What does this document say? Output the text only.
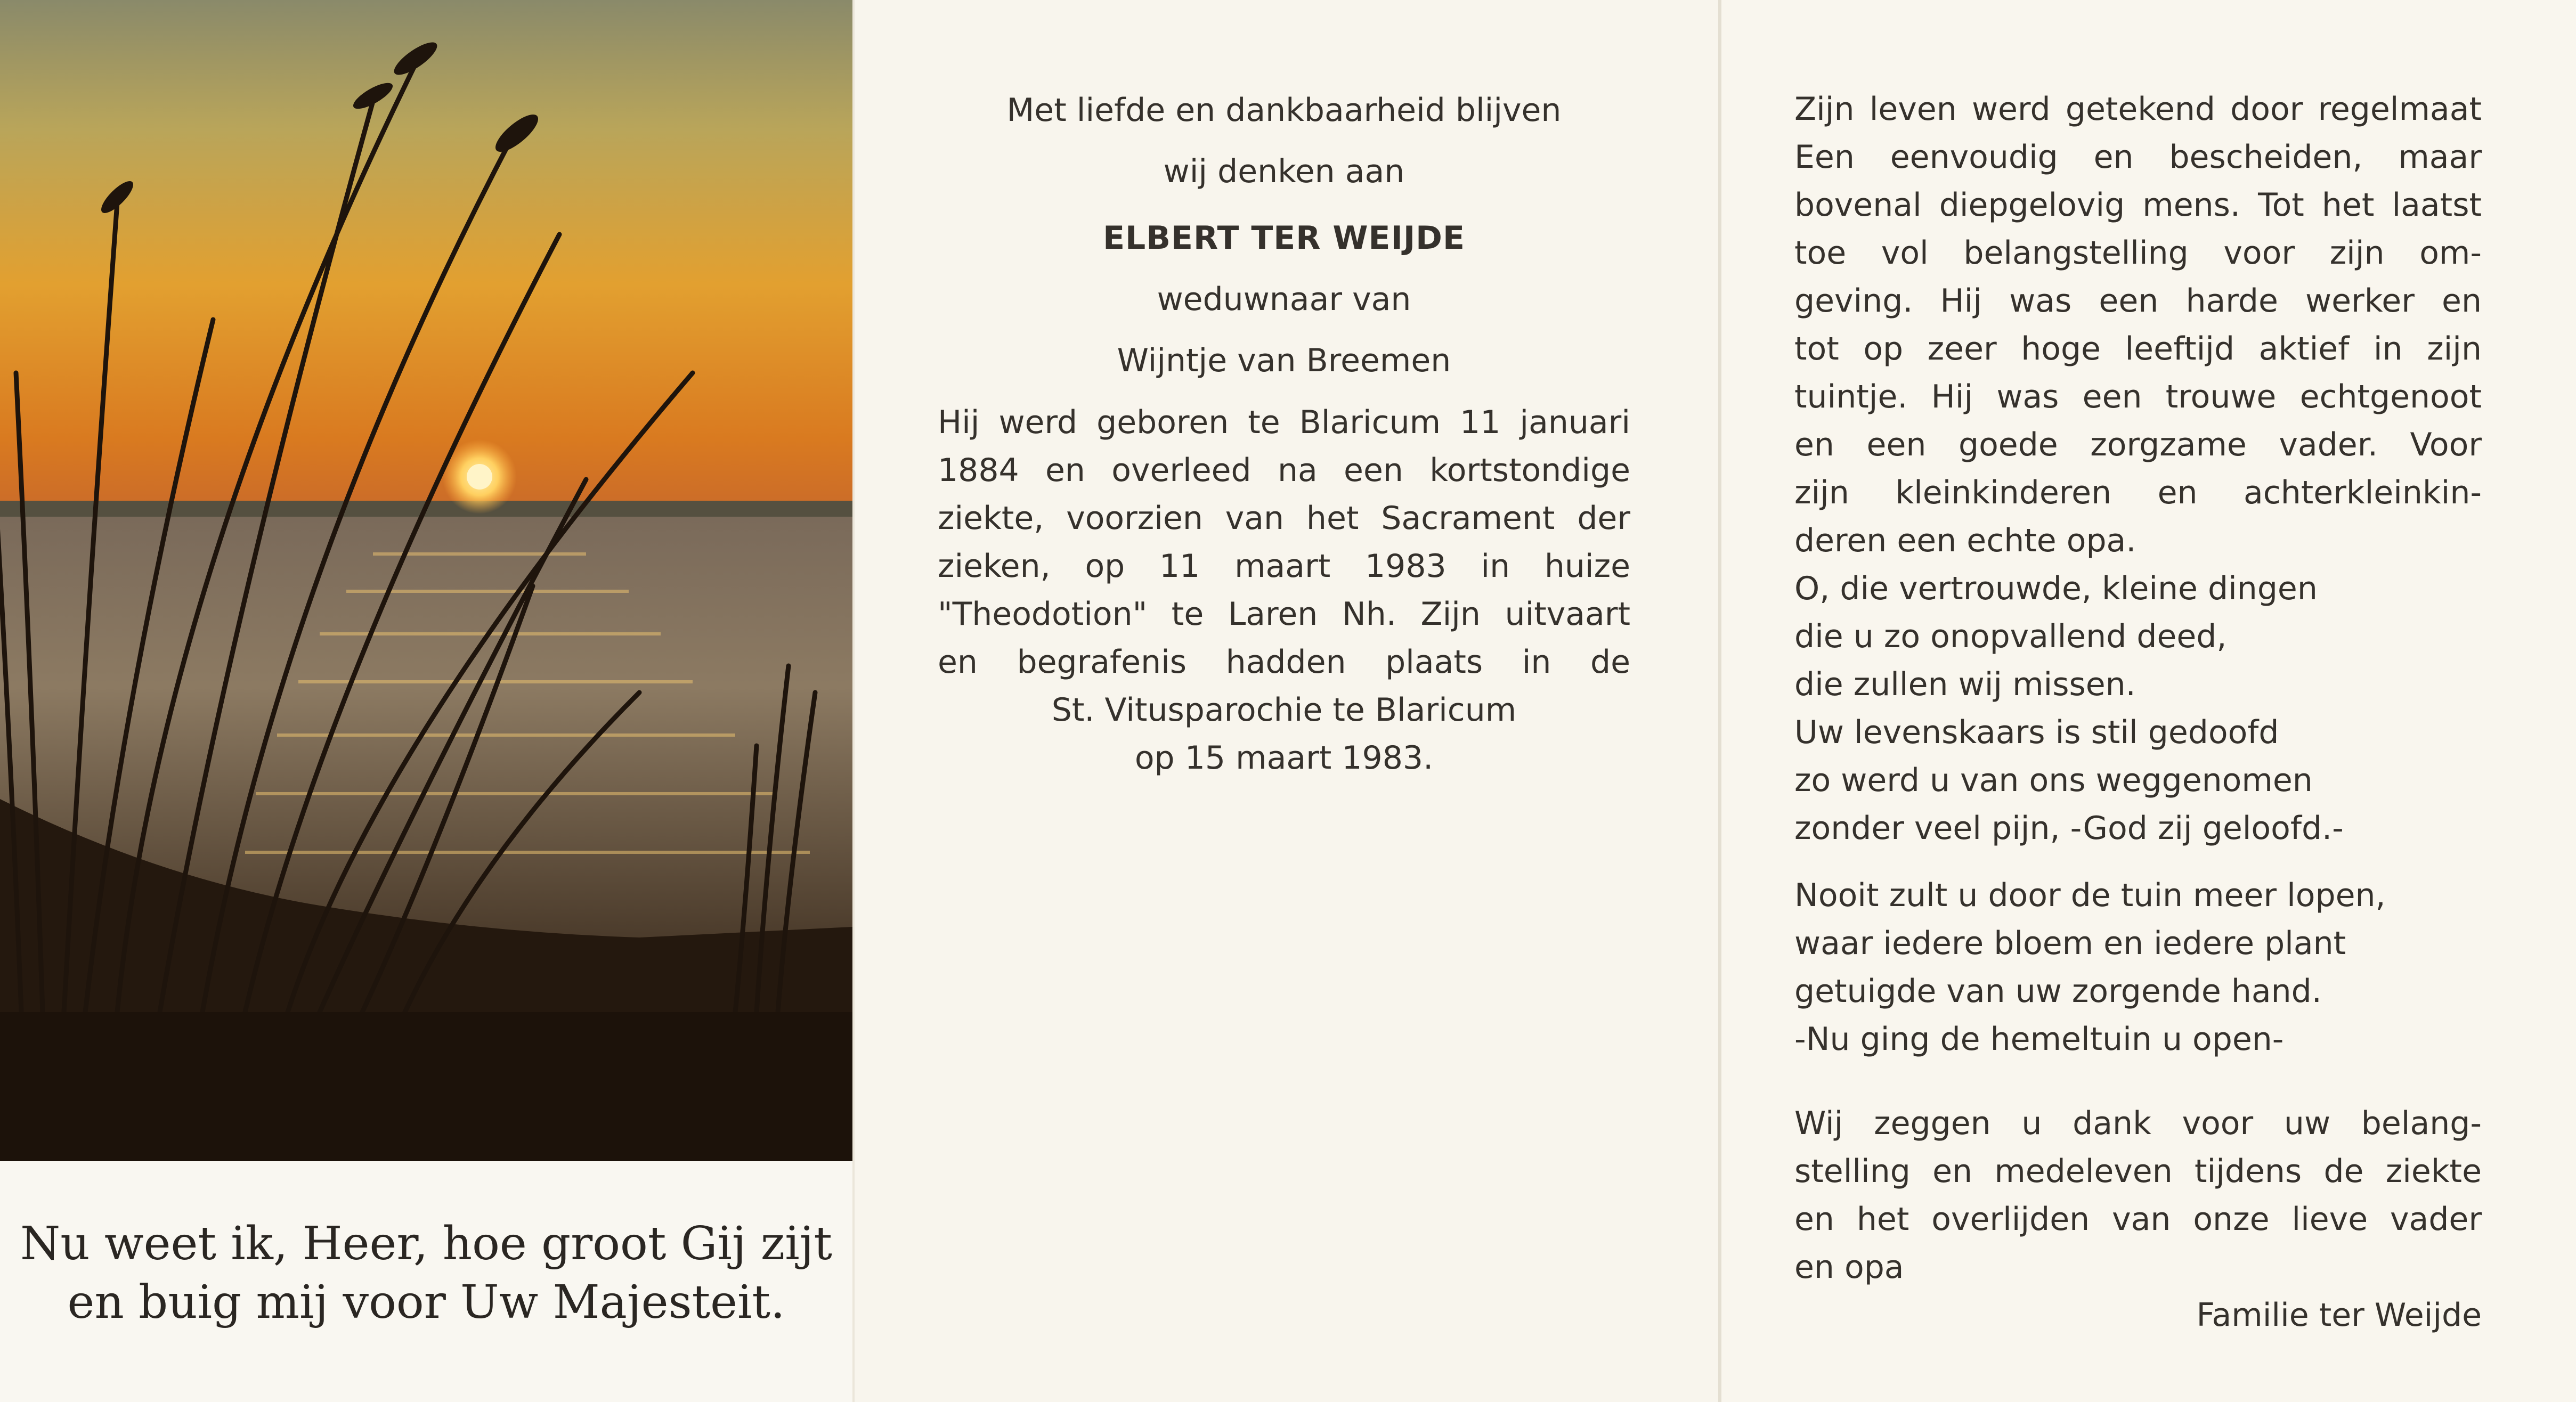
Nu weet ik, Heer, hoe groot Gij zijt
en buig mij voor Uw Majesteit.
Met liefde en dankbaarheid blijven
wij denken aan
ELBERT TER WEIJDE
weduwnaar van
Wijntje van Breemen
Hij werd geboren te Blaricum 11 januari
1884 en overleed na een kortstondige
ziekte, voorzien van het Sacrament der
zieken, op 11 maart 1983 in huize
"Theodotion" te Laren Nh. Zijn uitvaart
en begrafenis hadden plaats in de
St. Vitusparochie te Blaricum
op 15 maart 1983.
Zijn leven werd getekend door regelmaat
Een eenvoudig en bescheiden, maar
bovenal diepgelovig mens. Tot het laatst
toe vol belangstelling voor zijn om-
geving. Hij was een harde werker en
tot op zeer hoge leeftijd aktief in zijn
tuintje. Hij was een trouwe echtgenoot
en een goede zorgzame vader. Voor
zijn kleinkinderen en achterkleinkin-
deren een echte opa.
O, die vertrouwde, kleine dingen
die u zo onopvallend deed,
die zullen wij missen.
Uw levenskaars is stil gedoofd
zo werd u van ons weggenomen
zonder veel pijn, -God zij geloofd.-
Nooit zult u door de tuin meer lopen,
waar iedere bloem en iedere plant
getuigde van uw zorgende hand.
-Nu ging de hemeltuin u open-
Wij zeggen u dank voor uw belang-
stelling en medeleven tijdens de ziekte
en het overlijden van onze lieve vader
en opa
Familie ter Weijde
